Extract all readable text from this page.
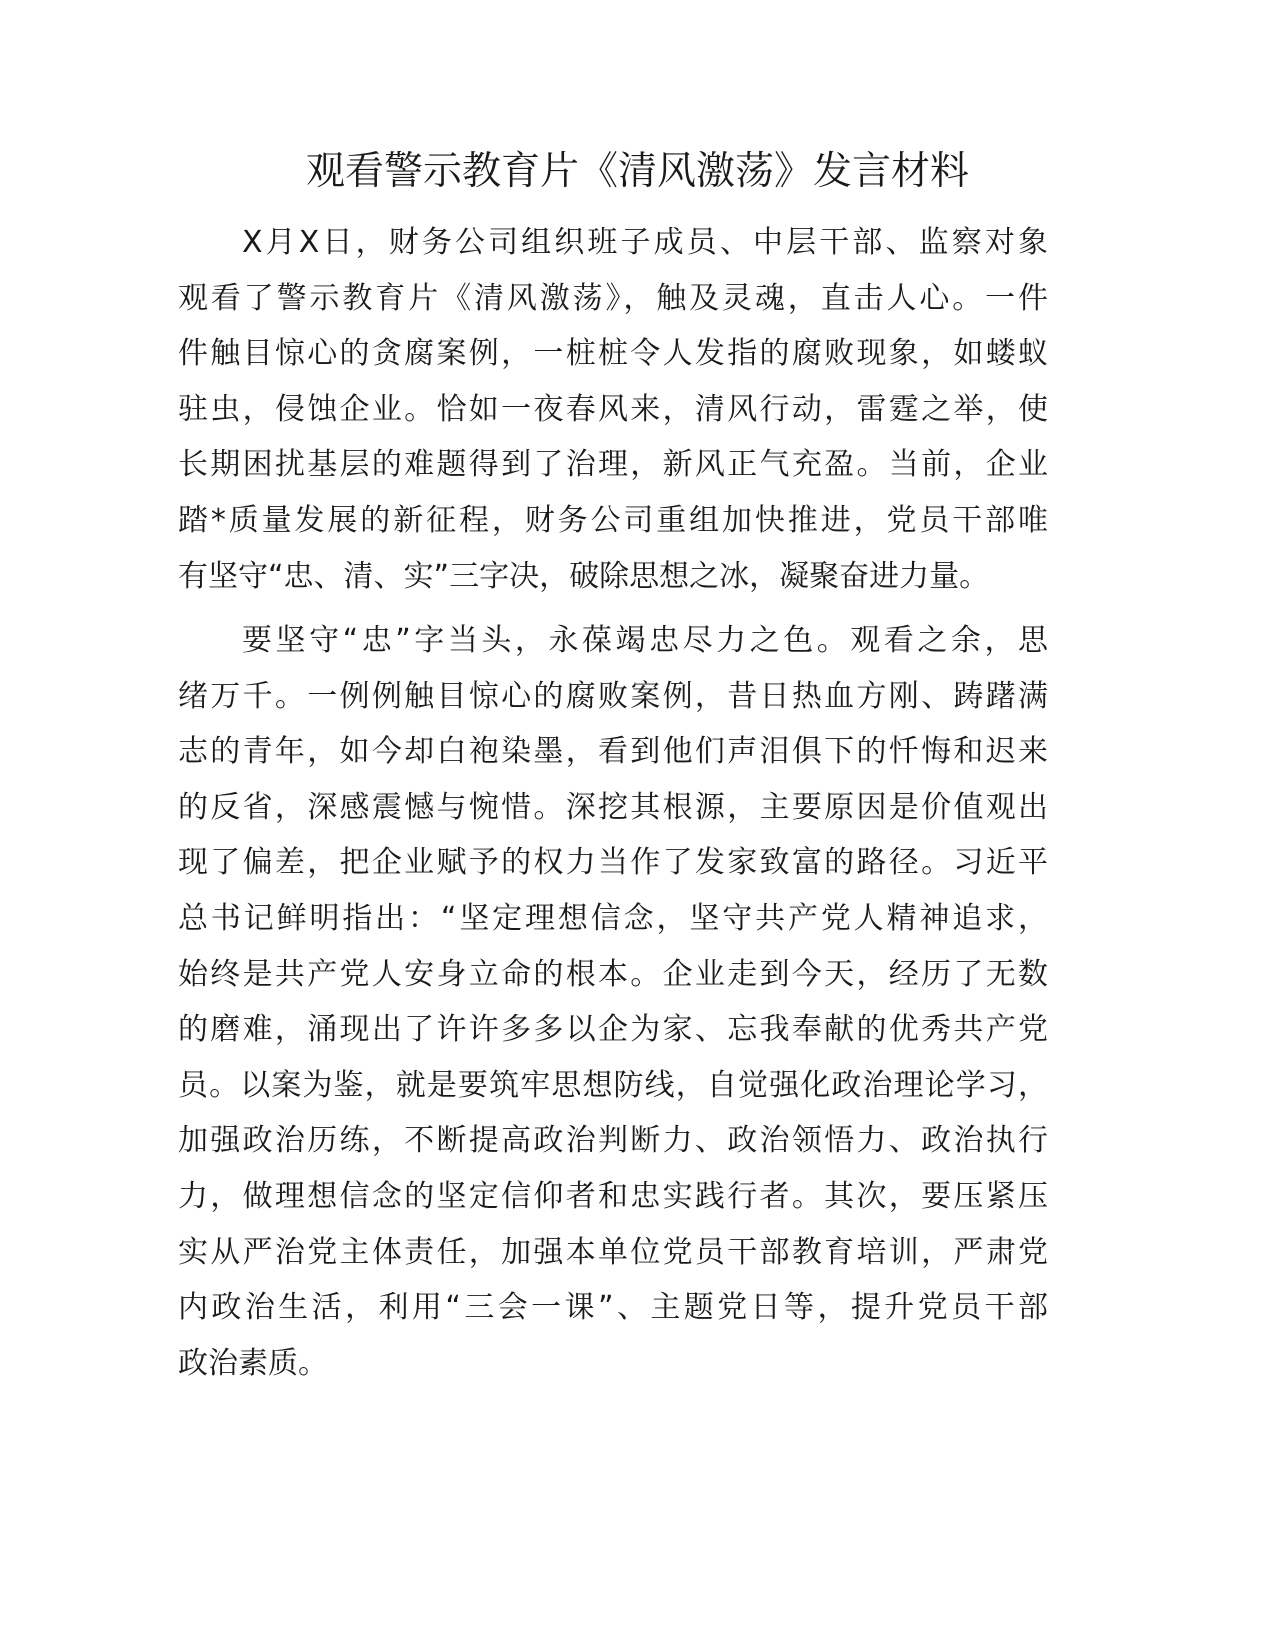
观看警示教育片《清风激荡》发言材料
X月X日，财务公司组织班子成员、中层干部、监察对象
观看了警示教育片《清风激荡》，触及灵魂，直击人心。一件
件触目惊心的贪腐案例，一桩桩令人发指的腐败现象，如蝼蚁
驻虫，侵蚀企业。恰如一夜春风来，清风行动，雷霆之举，使
长期困扰基层的难题得到了治理，新风正气充盈。当前，企业
踏*质量发展的新征程，财务公司重组加快推进，党员干部唯
有坚守“忠、清、实”三字决，破除思想之冰，凝聚奋进力量。
要坚守“忠”字当头，永葆竭忠尽力之色。观看之余，思
绪万千。一例例触目惊心的腐败案例，昔日热血方刚、踌躇满
志的青年，如今却白袍染墨，看到他们声泪俱下的忏悔和迟来
的反省，深感震憾与惋惜。深挖其根源，主要原因是价值观出
现了偏差，把企业赋予的权力当作了发家致富的路径。习近平
总书记鲜明指出：“坚定理想信念，坚守共产党人精神追求，
始终是共产党人安身立命的根本。企业走到今天，经历了无数
的磨难，涌现出了许许多多以企为家、忘我奉献的优秀共产党
员。以案为鉴，就是要筑牢思想防线，自觉强化政治理论学习，
加强政治历练，不断提高政治判断力、政治领悟力、政治执行
力，做理想信念的坚定信仰者和忠实践行者。其次，要压紧压
实从严治党主体责任，加强本单位党员干部教育培训，严肃党
内政治生活，利用“三会一课”、主题党日等，提升党员干部
政治素质。
